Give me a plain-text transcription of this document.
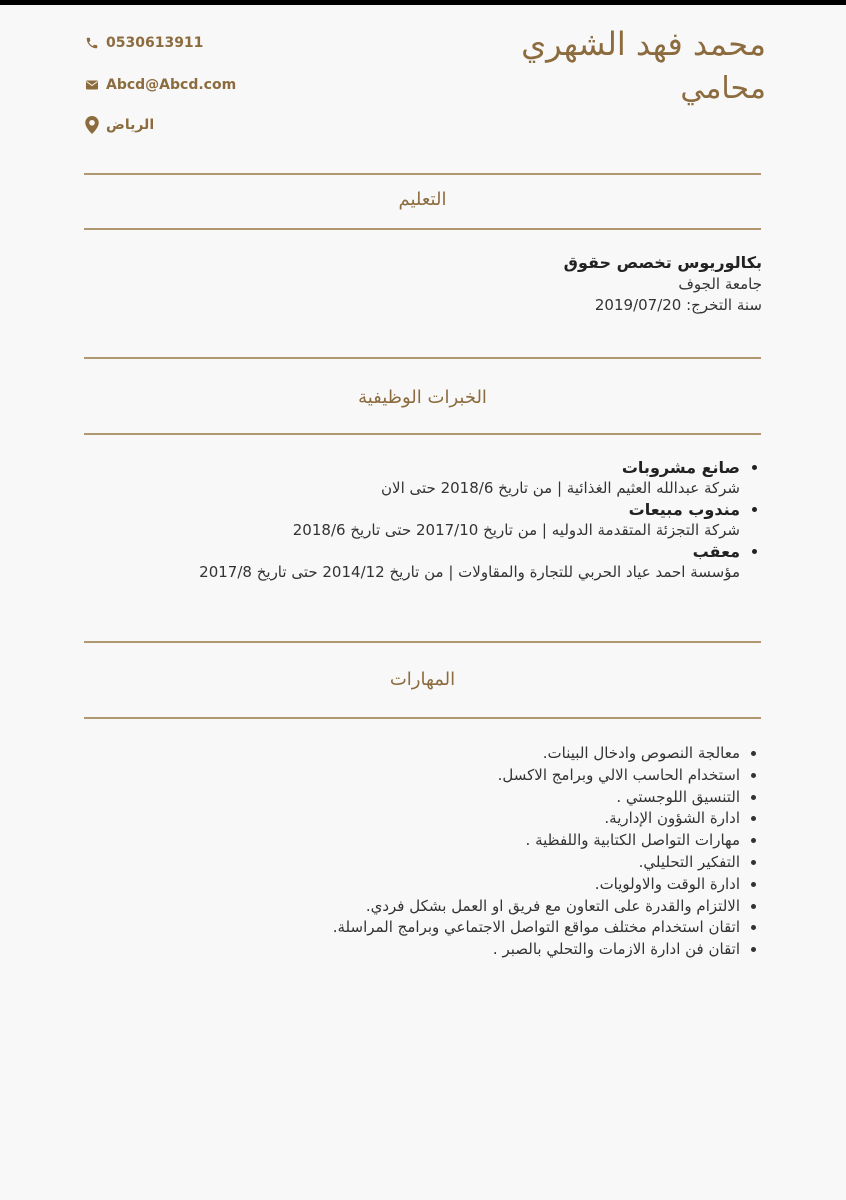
محمد فهد الشهري
محامي
0530613911
Abcd@Abcd.com
الرياض
التعليم
بكالوريوس تخصص حقوق
جامعة الجوف
سنة التخرج: 2019/07/20
الخبرات الوظيفية
• صانع مشروبات
شركة عبدالله العثيم الغذائية | من تاريخ 2018/6 حتى الان
• مندوب مبيعات
شركة التجزئة المتقدمة الدوليه | من تاريخ 2017/10 حتى تاريخ 2018/6
• معقب
مؤسسة احمد عياد الحربي للتجارة والمقاولات | من تاريخ 2014/12 حتى تاريخ 2017/8
المهارات
• معالجة النصوص وادخال البينات.
• استخدام الحاسب الالي وبرامج الاكسل.
• التنسيق اللوجستي .
• ادارة الشؤون الإدارية.
• مهارات التواصل الكتابية واللفظية .
• التفكير التحليلي.
• ادارة الوقت والاولويات.
• الالتزام والقدرة على التعاون مع فريق او العمل بشكل فردي.
• اتقان استخدام مختلف مواقع التواصل الاجتماعي وبرامج المراسلة.
• اتقان فن ادارة الازمات والتحلي بالصبر .
